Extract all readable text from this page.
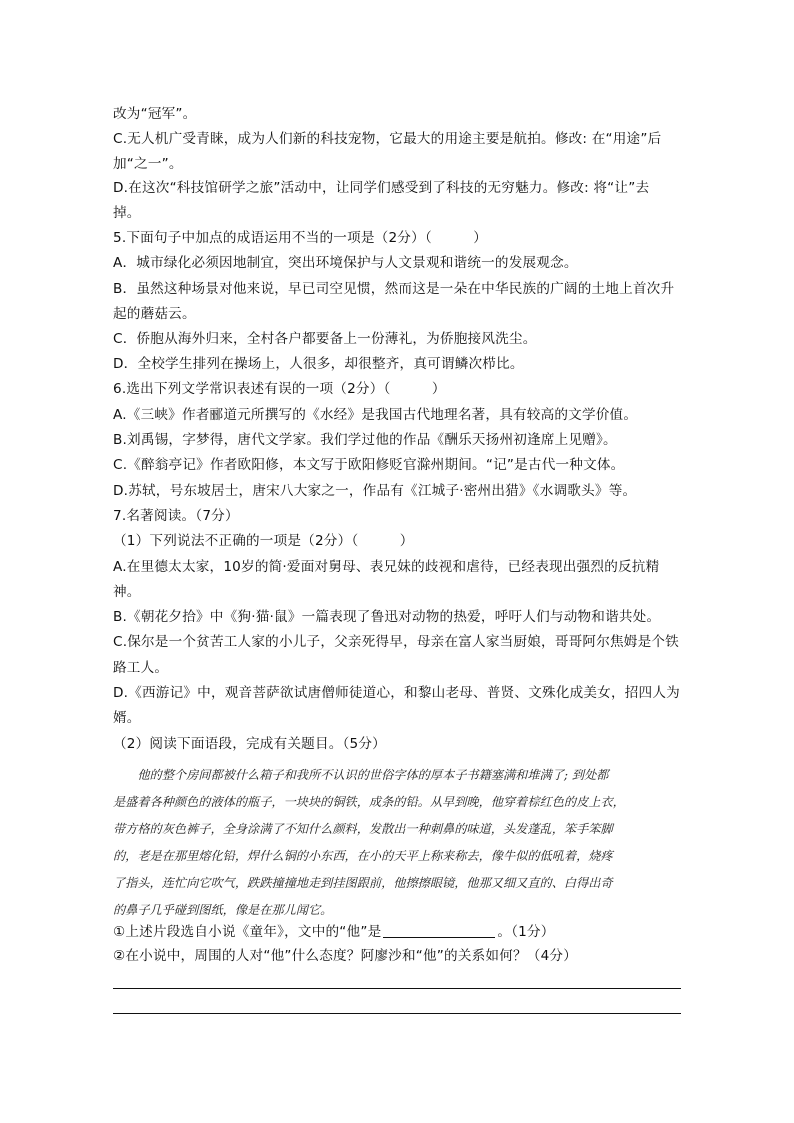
改为“冠军”。
C.无人机广受青睐，成为人们新的科技宠物，它最大的用途主要是航拍。修改: 在“用途”后
加“之一”。
D.在这次“科技馆研学之旅”活动中，让同学们感受到了科技的无穷魅力。修改: 将“让”去
掉。
5.下面句子中加点的成语运用不当的一项是（2分）（　　　）
A．城市绿化必须因地制宜，突出环境保护与人文景观和谐统一的发展观念。
B．虽然这种场景对他来说，早已司空见惯，然而这是一朵在中华民族的广阔的土地上首次升
起的蘑菇云。
C．侨胞从海外归来，全村各户都要备上一份薄礼，为侨胞接风洗尘。
D．全校学生排列在操场上，人很多，却很整齐，真可谓鳞次栉比。
6.选出下列文学常识表述有误的一项（2分）（　　　）
A.《三峡》作者郦道元所撰写的《水经》是我国古代地理名著，具有较高的文学价值。
B.刘禹锡，字梦得，唐代文学家。我们学过他的作品《酬乐天扬州初逢席上见赠》。
C.《醉翁亭记》作者欧阳修，本文写于欧阳修贬官滁州期间。“记”是古代一种文体。
D.苏轼，号东坡居士，唐宋八大家之一，作品有《江城子·密州出猎》《水调歌头》等。
7.名著阅读。（7分）
（1）下列说法不正确的一项是（2分）（　　　）
A.在里德太太家，10岁的简·爱面对舅母、表兄妹的歧视和虐待，已经表现出强烈的反抗精
神。
B.《朝花夕拾》中《狗·猫·鼠》一篇表现了鲁迅对动物的热爱，呼吁人们与动物和谐共处。
C.保尔是一个贫苦工人家的小儿子，父亲死得早，母亲在富人家当厨娘，哥哥阿尔焦姆是个铁
路工人。
D.《西游记》中，观音菩萨欲试唐僧师徒道心，和黎山老母、普贤、文殊化成美女，招四人为
婿。
（2）阅读下面语段，完成有关题目。（5分）
　　他的整个房间都被什么箱子和我所不认识的世俗字体的厚本子书籍塞满和堆满了; 到处都
是盛着各种颜色的液体的瓶子，一块块的铜铁，成条的铅。从早到晚，他穿着棕红色的皮上衣，
带方格的灰色裤子，全身涂满了不知什么颜料，发散出一种刺鼻的味道，头发蓬乱，笨手笨脚
的，老是在那里熔化铅，焊什么铜的小东西，在小的天平上称来称去，像牛似的低吼着，烧疼
了指头，连忙向它吹气，跌跌撞撞地走到挂图跟前，他擦擦眼镜，他那又细又直的、白得出奇
的鼻子几乎碰到图纸，像是在那儿闻它。
①上述片段选自小说《童年》，文中的“他”是	。（1分）
②在小说中，周围的人对“他”什么态度？阿廖沙和“他”的关系如何？（4分）
